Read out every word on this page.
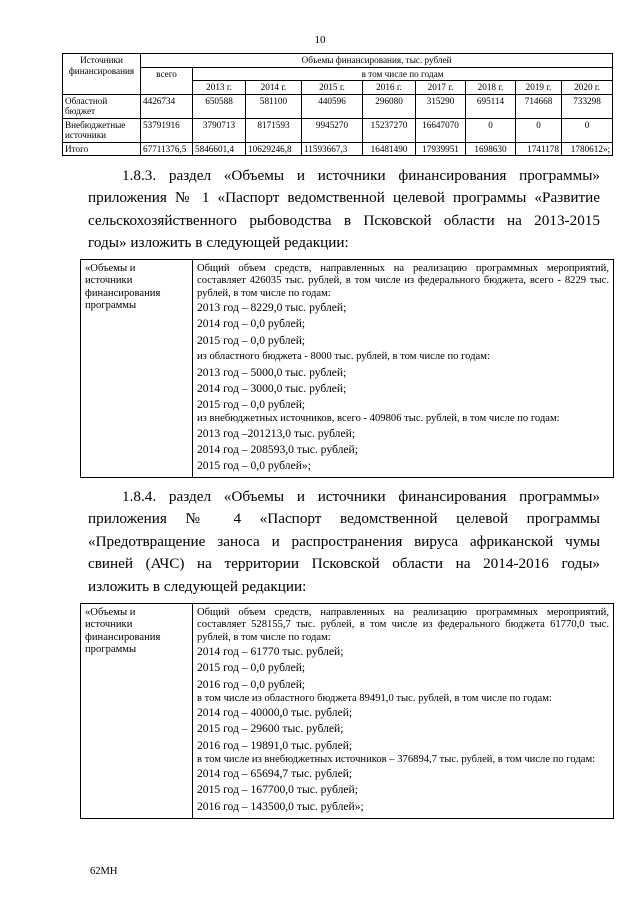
10
Источники финансирования	Объемы финансирования, тыс. рублей								
	всего	в том числе по годам							
		2013 г.	2014 г.	2015 г.	2016 г.	2017 г.	2018 г.	2019 г.	2020 г.
Областной бюджет	4426734	650588	581100	440596	296080	315290	695114	714668	733298
Внебюджетные источники	53791916	3790713	8171593	9945270	15237270	16647070	0	0	0
Итого	67711376,5	5846601,4	10629246,8	11593667,3	16481490	17939951	1698630	1741178	1780612»;
1.8.3. раздел «Объемы и источники финансирования программы»
приложения № 1 «Паспорт ведомственной целевой программы «Развитие
сельскохозяйственного рыбоводства в Псковской области на 2013-2015
годы» изложить в следующей редакции:
«Объемы и
источники
финансирования
программы
Общий объем средств, направленных на реализацию программных мероприятий, составляет 426035 тыс. рублей, в том числе из федерального бюджета, всего - 8229 тыс. рублей, в том числе по годам:
2013 год – 8229,0 тыс. рублей;
2014 год – 0,0 рублей;
2015 год – 0,0 рублей;
из областного бюджета - 8000 тыс. рублей, в том числе по годам:
2013 год – 5000,0 тыс. рублей;
2014 год – 3000,0 тыс. рублей;
2015 год – 0,0 рублей;
из внебюджетных источников, всего - 409806 тыс. рублей, в том числе по годам:
2013 год –201213,0 тыс. рублей;
2014 год – 208593,0 тыс. рублей;
2015 год – 0,0 рублей»;
1.8.4. раздел «Объемы и источники финансирования программы»
приложения № 4 «Паспорт ведомственной целевой программы
«Предотвращение заноса и распространения вируса африканской чумы
свиней (АЧС) на территории Псковской области на 2014-2016 годы»
изложить в следующей редакции:
«Объемы и
источники
финансирования
программы
Общий объем средств, направленных на реализацию программных мероприятий, составляет 528155,7 тыс. рублей, в том числе из федерального бюджета 61770,0 тыс. рублей, в том числе по годам:
2014 год – 61770 тыс. рублей;
2015 год – 0,0 рублей;
2016 год – 0,0 рублей;
в том числе из областного бюджета 89491,0 тыс. рублей, в том числе по годам:
2014 год – 40000,0 тыс. рублей;
2015 год – 29600 тыс. рублей;
2016 год – 19891,0 тыс. рублей;
в том числе из внебюджетных источников – 376894,7 тыс. рублей, в том числе по годам:
2014 год – 65694,7 тыс. рублей;
2015 год – 167700,0 тыс. рублей;
2016 год – 143500,0 тыс. рублей»;
62МН
